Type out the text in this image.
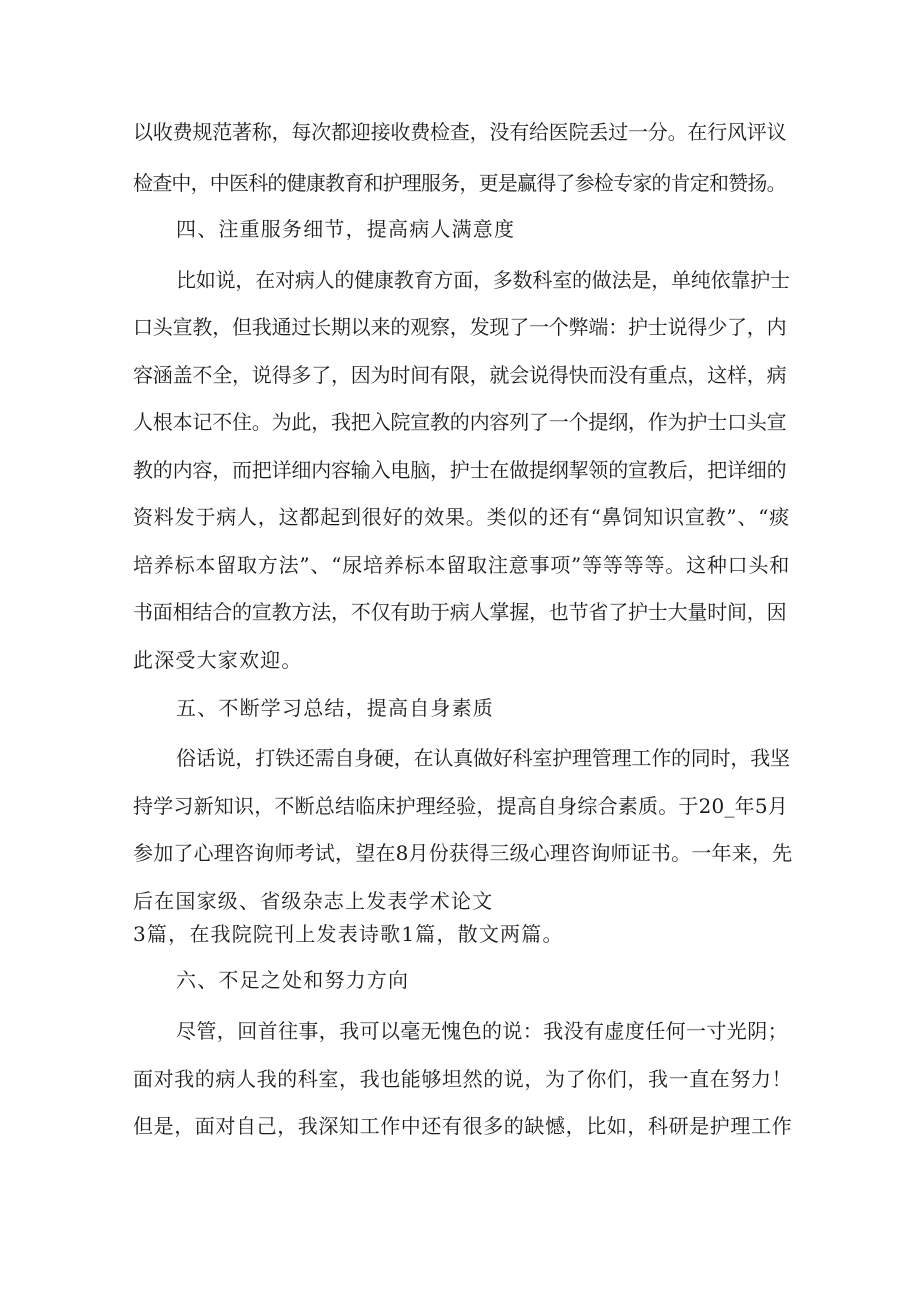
以收费规范著称，每次都迎接收费检查，没有给医院丢过一分。在行风评议
检查中，中医科的健康教育和护理服务，更是赢得了参检专家的肯定和赞扬。
四、注重服务细节，提高病人满意度
比如说，在对病人的健康教育方面，多数科室的做法是，单纯依靠护士
口头宣教，但我通过长期以来的观察，发现了一个弊端：护士说得少了，内
容涵盖不全，说得多了，因为时间有限，就会说得快而没有重点，这样，病
人根本记不住。为此，我把入院宣教的内容列了一个提纲，作为护士口头宣
教的内容，而把详细内容输入电脑，护士在做提纲挈领的宣教后，把详细的
资料发于病人，这都起到很好的效果。类似的还有“鼻饲知识宣教”、“痰
培养标本留取方法”、“尿培养标本留取注意事项”等等等等。这种口头和
书面相结合的宣教方法，不仅有助于病人掌握，也节省了护士大量时间，因
此深受大家欢迎。
五、不断学习总结，提高自身素质
俗话说，打铁还需自身硬，在认真做好科室护理管理工作的同时，我坚
持学习新知识，不断总结临床护理经验，提高自身综合素质。于20_年5月
参加了心理咨询师考试，望在8月份获得三级心理咨询师证书。一年来，先
后在国家级、省级杂志上发表学术论文
3篇，在我院院刊上发表诗歌1篇，散文两篇。
六、不足之处和努力方向
尽管，回首往事，我可以毫无愧色的说：我没有虚度任何一寸光阴；
面对我的病人我的科室，我也能够坦然的说，为了你们，我一直在努力！
但是，面对自己，我深知工作中还有很多的缺憾，比如，科研是护理工作
